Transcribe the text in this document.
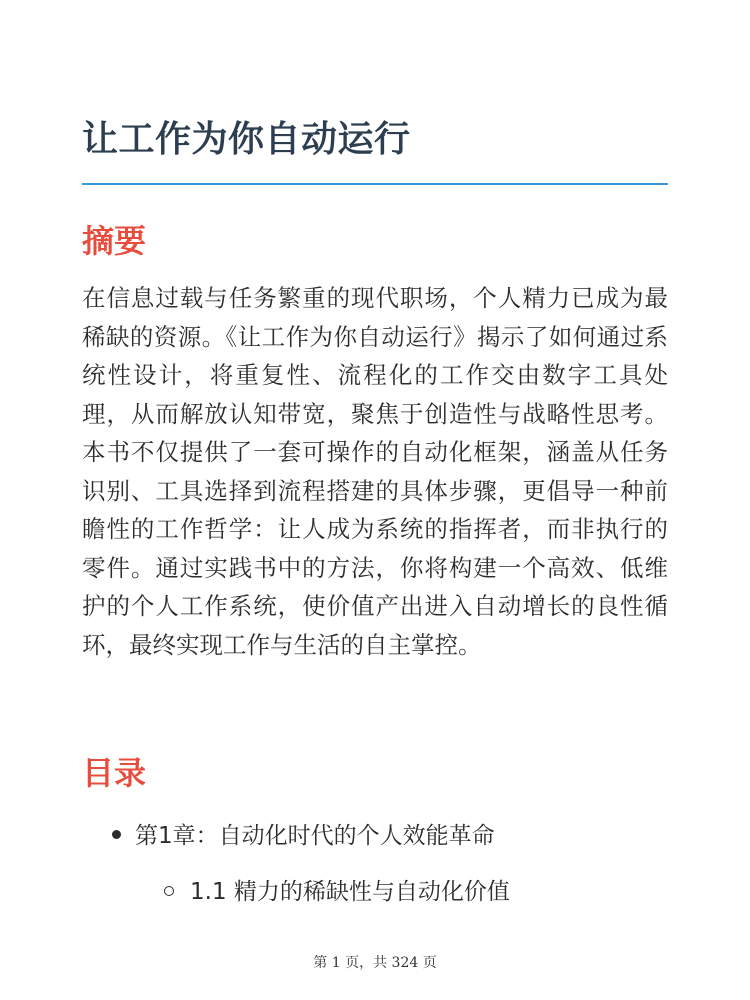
让工作为你自动运行
摘要

在信息过载与任务繁重的现代职场，个人精力已成为最稀缺的资源。《让工作为你自动运行》揭示了如何通过系统性设计，将重复性、流程化的工作交由数字工具处理，从而解放认知带宽，聚焦于创造性与战略性思考。本书不仅提供了一套可操作的自动化框架，涵盖从任务识别、工具选择到流程搭建的具体步骤，更倡导一种前瞻性的工作哲学：让人成为系统的指挥者，而非执行的零件。通过实践书中的方法，你将构建一个高效、低维护的个人工作系统，使价值产出进入自动增长的良性循环，最终实现工作与生活的自主掌控。

目录
第1章：自动化时代的个人效能革命
1.1 精力的稀缺性与自动化价值
第 1 页，共 324 页
